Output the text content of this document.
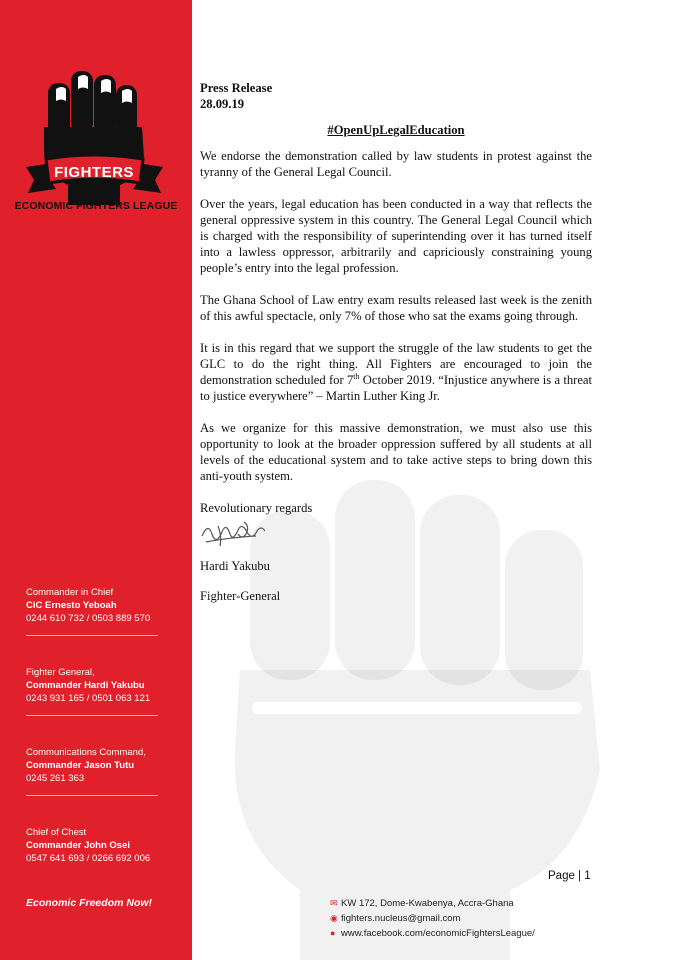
FIGHTERS
ECONOMIC FIGHTERS LEAGUE
Commander in Chief
CiC Ernesto Yeboah
0244 610 732 / 0503 889 570
Fighter General,
Commander Hardi Yakubu
0243 931 165 / 0501 063 121
Communications Command,
Commander Jason Tutu
0245 261 363
Chief of Chest
Commander John Osei
0547 641 693 / 0266 692 006
Economic Freedom Now!
Press Release
28.09.19
#OpenUpLegalEducation

We endorse the demonstration called by law students in protest against the tyranny of the General Legal Council.

Over the years, legal education has been conducted in a way that reflects the general oppressive system in this country. The General Legal Council which is charged with the responsibility of superintending over it has turned itself into a lawless oppressor, arbitrarily and capriciously constraining young people’s entry into the legal profession.

The Ghana School of Law entry exam results released last week is the zenith of this awful spectacle, only 7% of those who sat the exams going through.

It is in this regard that we support the struggle of the law students to get the GLC to do the right thing. All Fighters are encouraged to join the demonstration scheduled for 7th October 2019. “Injustice anywhere is a threat to justice everywhere” – Martin Luther King Jr.

As we organize for this massive demonstration, we must also use this opportunity to look at the broader oppression suffered by all students at all levels of the educational system and to take active steps to bring down this anti-youth system.

Revolutionary regards
Hardi Yakubu
Fighter-General
Page | 1
✉ KW 172, Dome-Kwabenya, Accra-Ghana
◉ fighters.nucleus@gmail.com
● www.facebook.com/economicFightersLeague/
